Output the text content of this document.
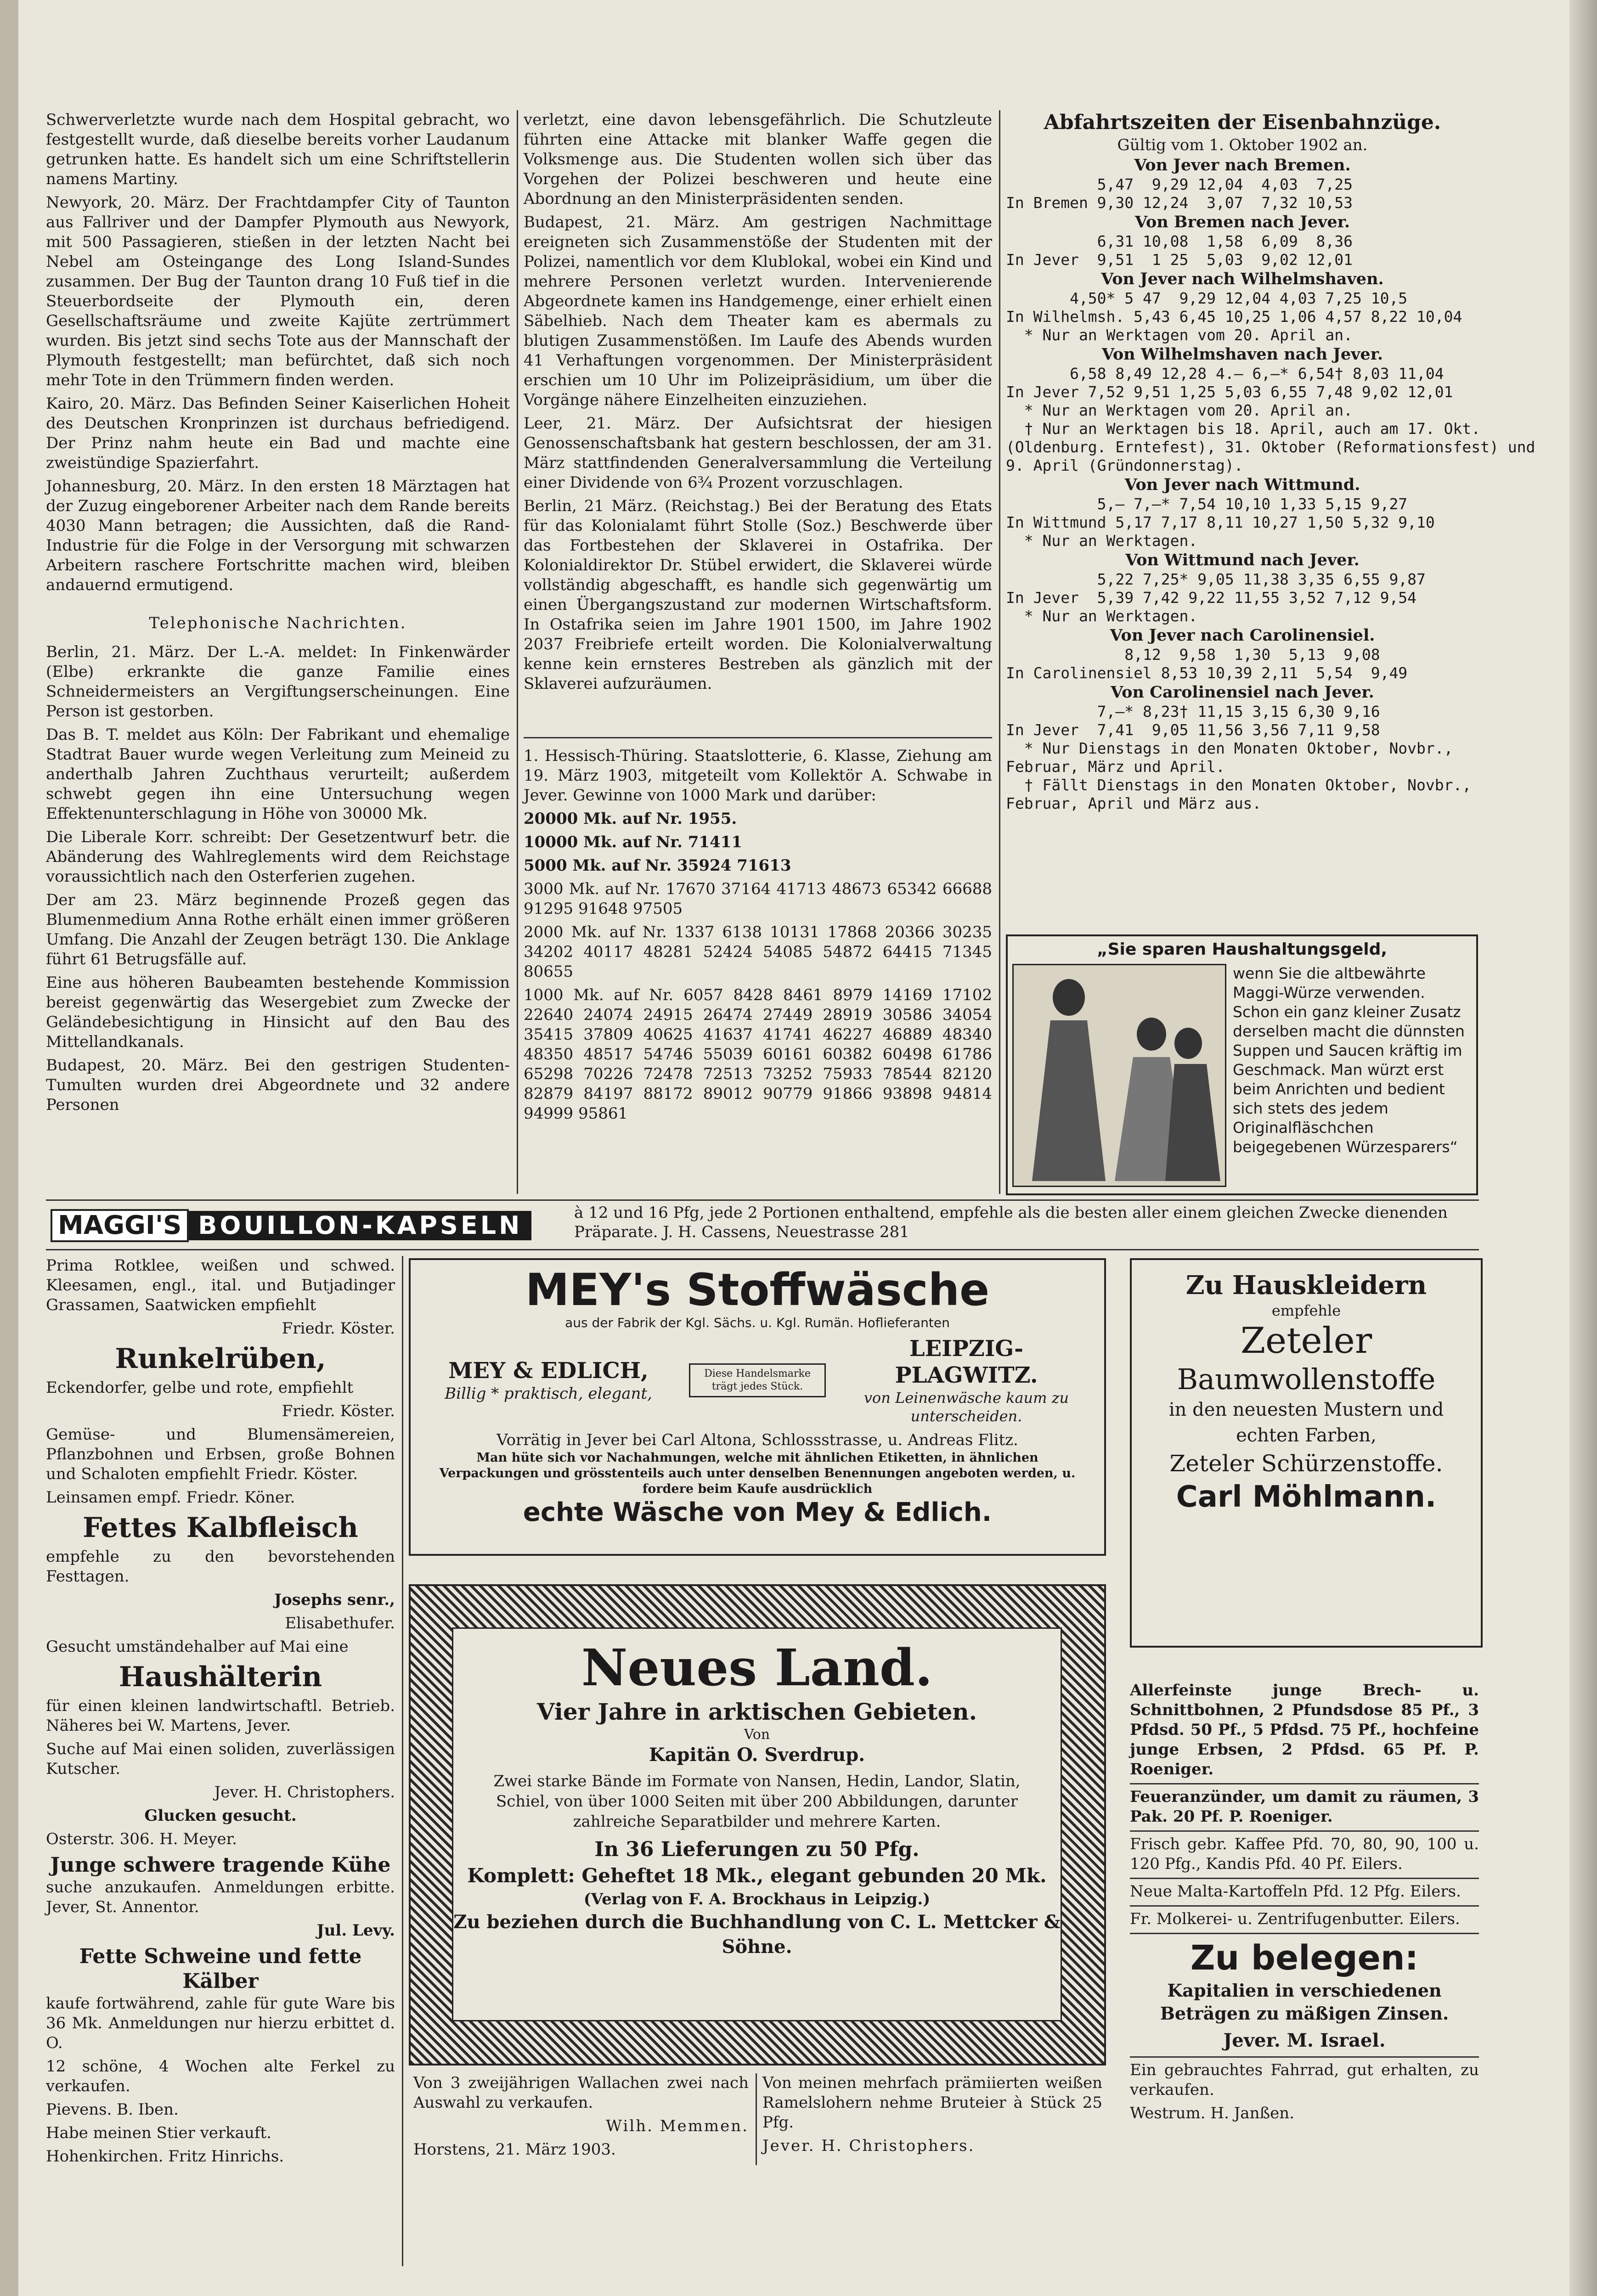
Schwerverletzte wurde nach dem Hospital gebracht, wo festgestellt wurde, daß dieselbe bereits vorher Laudanum getrunken hatte. Es handelt sich um eine Schriftstellerin namens Martiny.

Newyork, 20. März. Der Frachtdampfer City of Taunton aus Fallriver und der Dampfer Plymouth aus Newyork, mit 500 Passagieren, stießen in der letzten Nacht bei Nebel am Osteingange des Long Island-Sundes zusammen. Der Bug der Taunton drang 10 Fuß tief in die Steuerbordseite der Plymouth ein, deren Gesellschaftsräume und zweite Kajüte zertrümmert wurden. Bis jetzt sind sechs Tote aus der Mannschaft der Plymouth festgestellt; man befürchtet, daß sich noch mehr Tote in den Trümmern finden werden.

Kairo, 20. März. Das Befinden Seiner Kaiserlichen Hoheit des Deutschen Kronprinzen ist durchaus befriedigend. Der Prinz nahm heute ein Bad und machte eine zweistündige Spazierfahrt.

Johannesburg, 20. März. In den ersten 18 Märztagen hat der Zuzug eingeborener Arbeiter nach dem Rande bereits 4030 Mann betragen; die Aussichten, daß die Rand-Industrie für die Folge in der Versorgung mit schwarzen Arbeitern raschere Fortschritte machen wird, bleiben andauernd ermutigend.

Telephonische Nachrichten.

Berlin, 21. März. Der L.-A. meldet: In Finkenwärder (Elbe) erkrankte die ganze Familie eines Schneidermeisters an Vergiftungserscheinungen. Eine Person ist gestorben.

Das B. T. meldet aus Köln: Der Fabrikant und ehemalige Stadtrat Bauer wurde wegen Verleitung zum Meineid zu anderthalb Jahren Zuchthaus verurteilt; außerdem schwebt gegen ihn eine Untersuchung wegen Effektenunterschlagung in Höhe von 30000 Mk.

Die Liberale Korr. schreibt: Der Gesetzentwurf betr. die Abänderung des Wahlreglements wird dem Reichstage voraussichtlich nach den Osterferien zugehen.

Der am 23. März beginnende Prozeß gegen das Blumenmedium Anna Rothe erhält einen immer größeren Umfang. Die Anzahl der Zeugen beträgt 130. Die Anklage führt 61 Betrugsfälle auf.

Eine aus höheren Baubeamten bestehende Kommission bereist gegenwärtig das Wesergebiet zum Zwecke der Geländebesichtigung in Hinsicht auf den Bau des Mittellandkanals.

Budapest, 20. März. Bei den gestrigen Studenten-Tumulten wurden drei Abgeordnete und 32 andere Personen

verletzt, eine davon lebensgefährlich. Die Schutzleute führten eine Attacke mit blanker Waffe gegen die Volksmenge aus. Die Studenten wollen sich über das Vorgehen der Polizei beschweren und heute eine Abordnung an den Ministerpräsidenten senden.

Budapest, 21. März. Am gestrigen Nachmittage ereigneten sich Zusammenstöße der Studenten mit der Polizei, namentlich vor dem Klublokal, wobei ein Kind und mehrere Personen verletzt wurden. Intervenierende Abgeordnete kamen ins Handgemenge, einer erhielt einen Säbelhieb. Nach dem Theater kam es abermals zu blutigen Zusammenstößen. Im Laufe des Abends wurden 41 Verhaftungen vorgenommen. Der Ministerpräsident erschien um 10 Uhr im Polizeipräsidium, um über die Vorgänge nähere Einzelheiten einzuziehen.

Leer, 21. März. Der Aufsichtsrat der hiesigen Genossenschaftsbank hat gestern beschlossen, der am 31. März stattfindenden Generalversammlung die Verteilung einer Dividende von 6¾ Prozent vorzuschlagen.

Berlin, 21 März. (Reichstag.) Bei der Beratung des Etats für das Kolonialamt führt Stolle (Soz.) Beschwerde über das Fortbestehen der Sklaverei in Ostafrika. Der Kolonialdirektor Dr. Stübel erwidert, die Sklaverei würde vollständig abgeschafft, es handle sich gegenwärtig um einen Übergangszustand zur modernen Wirtschaftsform. In Ostafrika seien im Jahre 1901 1500, im Jahre 1902 2037 Freibriefe erteilt worden. Die Kolonialverwaltung kenne kein ernsteres Bestreben als gänzlich mit der Sklaverei aufzuräumen.

1. Hessisch-Thüring. Staatslotterie, 6. Klasse, Ziehung am 19. März 1903, mitgeteilt vom Kollektör A. Schwabe in Jever. Gewinne von 1000 Mark und darüber:

20000 Mk. auf Nr. 1955.

10000 Mk. auf Nr. 71411

5000 Mk. auf Nr. 35924 71613

3000 Mk. auf Nr. 17670 37164 41713 48673 65342 66688 91295 91648 97505

2000 Mk. auf Nr. 1337 6138 10131 17868 20366 30235 34202 40117 48281 52424 54085 54872 64415 71345 80655

1000 Mk. auf Nr. 6057 8428 8461 8979 14169 17102 22640 24074 24915 26474 27449 28919 30586 34054 35415 37809 40625 41637 41741 46227 46889 48340 48350 48517 54746 55039 60161 60382 60498 61786 65298 70226 72478 72513 73252 75933 78544 82120 82879 84197 88172 89012 90779 91866 93898 94814 94999 95861

Abfahrtszeiten der Eisenbahnzüge.
Gültig vom 1. Oktober 1902 an.
Von Jever nach Bremen.
5,47  9,29 12,04  4,03  7,25
In Bremen 9,30 12,24  3,07  7,32 10,53
Von Bremen nach Jever.
6,31 10,08  1,58  6,09  8,36
In Jever  9,51  1 25  5,03  9,02 12,01
Von Jever nach Wilhelmshaven.
4,50* 5 47  9,29 12,04 4,03 7,25 10,5
In Wilhelmsh. 5,43 6,45 10,25 1,06 4,57 8,22 10,04
* Nur an Werktagen vom 20. April an.
Von Wilhelmshaven nach Jever.
6,58 8,49 12,28 4.— 6,—* 6,54† 8,03 11,04
In Jever 7,52 9,51 1,25 5,03 6,55 7,48 9,02 12,01
* Nur an Werktagen vom 20. April an.
† Nur an Werktagen bis 18. April, auch am 17. Okt.
(Oldenburg. Erntefest), 31. Oktober (Reformationsfest) und
9. April (Gründonnerstag).
Von Jever nach Wittmund.
5,— 7,—* 7,54 10,10 1,33 5,15 9,27
In Wittmund 5,17 7,17 8,11 10,27 1,50 5,32 9,10
* Nur an Werktagen.
Von Wittmund nach Jever.
5,22 7,25* 9,05 11,38 3,35 6,55 9,87
In Jever  5,39 7,42 9,22 11,55 3,52 7,12 9,54
* Nur an Werktagen.
Von Jever nach Carolinensiel.
8,12  9,58  1,30  5,13  9,08
In Carolinensiel 8,53 10,39 2,11  5,54  9,49
Von Carolinensiel nach Jever.
7,—* 8,23† 11,15 3,15 6,30 9,16
In Jever  7,41  9,05 11,56 3,56 7,11 9,58
* Nur Dienstags in den Monaten Oktober, Novbr.,
Februar, März und April.
† Fällt Dienstags in den Monaten Oktober, Novbr.,
Februar, April und März aus.
„Sie sparen Haushaltungsgeld,
wenn Sie die altbewährte Maggi-Würze verwenden. Schon ein ganz kleiner Zusatz derselben macht die dünnsten Suppen und Saucen kräftig im Geschmack. Man würzt erst beim Anrichten und bedient sich stets des jedem Originalfläschchen beigegebenen Würzesparers“
MAGGI'S BOUILLON-KAPSELN	à 12 und 16 Pfg, jede 2 Portionen enthaltend, empfehle als die besten aller einem gleichen Zwecke dienenden Präparate. J. H. Cassens, Neuestrasse 281

Prima Rotklee, weißen und schwed. Kleesamen, engl., ital. und Butjadinger Grassamen, Saatwicken empfiehlt

Friedr. Köster.

Runkelrüben,

Eckendorfer, gelbe und rote, empfiehlt

Friedr. Köster.

Gemüse- und Blumensämereien, Pflanzbohnen und Erbsen, große Bohnen und Schaloten empfiehlt Friedr. Köster.

Leinsamen empf. Friedr. Köner.

Fettes Kalbfleisch

empfehle zu den bevorstehenden Festtagen.

Josephs senr.,

Elisabethufer.

Gesucht umständehalber auf Mai eine

Haushälterin

für einen kleinen landwirtschaftl. Betrieb. Näheres bei W. Martens, Jever.

Suche auf Mai einen soliden, zuverlässigen Kutscher.

Jever. H. Christophers.

Glucken gesucht.

Osterstr. 306. H. Meyer.

Junge schwere tragende Kühe

suche anzukaufen. Anmeldungen erbitte. Jever, St. Annentor.

Jul. Levy.

Fette Schweine und fette Kälber

kaufe fortwährend, zahle für gute Ware bis 36 Mk. Anmeldungen nur hierzu erbittet d. O.

12 schöne, 4 Wochen alte Ferkel zu verkaufen.

Pievens. B. Iben.

Habe meinen Stier verkauft.

Hohenkirchen. Fritz Hinrichs.

MEY's Stoffwäsche
aus der Fabrik der Kgl. Sächs. u. Kgl. Rumän. Hoflieferanten
MEY & EDLICH,
Billig * praktisch, elegant,
Diese Handelsmarke trägt jedes Stück.
LEIPZIG-PLAGWITZ.
von Leinenwäsche kaum zu unterscheiden.
Vorrätig in Jever bei Carl Altona, Schlossstrasse, u. Andreas Flitz.
Man hüte sich vor Nachahmungen, welche mit ähnlichen Etiketten, in ähnlichen Verpackungen und grösstenteils auch unter denselben Benennungen angeboten werden, u. fordere beim Kaufe ausdrücklich
echte Wäsche von Mey & Edlich.
Neues Land.
Vier Jahre in arktischen Gebieten.
Von
Kapitän O. Sverdrup.
Zwei starke Bände im Formate von Nansen, Hedin, Landor, Slatin, Schiel, von über 1000 Seiten mit über 200 Abbildungen, darunter zahlreiche Separatbilder und mehrere Karten.
In 36 Lieferungen zu 50 Pfg.
Komplett: Geheftet 18 Mk., elegant gebunden 20 Mk.
(Verlag von F. A. Brockhaus in Leipzig.)
Zu beziehen durch die Buchhandlung von C. L. Mettcker & Söhne.

Von 3 zweijährigen Wallachen zwei nach Auswahl zu verkaufen.

Wilh. Memmen.

Horstens, 21. März 1903.

Von meinen mehrfach prämiierten weißen Ramelslohern nehme Bruteier à Stück 25 Pfg.

Jever. H. Christophers.

Zu Hauskleidern
empfehle
Zeteler
Baumwollenstoffe
in den neuesten Mustern und echten Farben,
Zeteler Schürzenstoffe.
Carl Möhlmann.

Allerfeinste junge Brech- u. Schnittbohnen, 2 Pfundsdose 85 Pf., 3 Pfdsd. 50 Pf., 5 Pfdsd. 75 Pf., hochfeine junge Erbsen, 2 Pfdsd. 65 Pf. P. Roeniger.

Feueranzünder, um damit zu räumen, 3 Pak. 20 Pf. P. Roeniger.

Frisch gebr. Kaffee Pfd. 70, 80, 90, 100 u. 120 Pfg., Kandis Pfd. 40 Pf. Eilers.

Neue Malta-Kartoffeln Pfd. 12 Pfg. Eilers.

Fr. Molkerei- u. Zentrifugenbutter. Eilers.

Zu belegen:

Kapitalien in verschiedenen Beträgen zu mäßigen Zinsen.

Jever. M. Israel.

Ein gebrauchtes Fahrrad, gut erhalten, zu verkaufen.

Westrum. H. Janßen.
